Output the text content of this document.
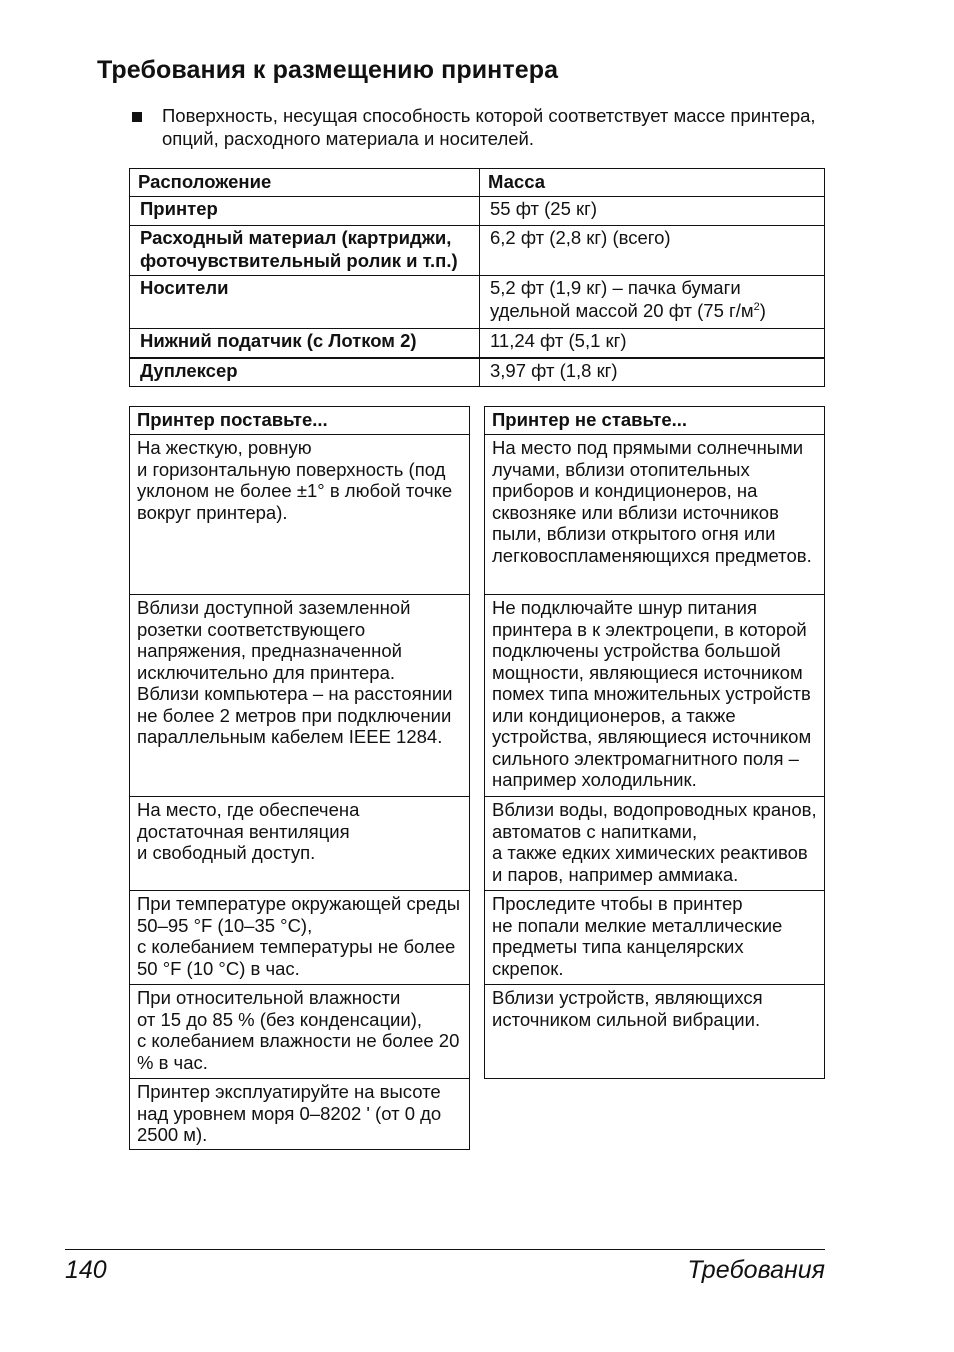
Требования к размещению принтера
Поверхность, несущая способность которой соответствует массе принтера, опций, расходного материала и носителей.
Расположение	Масса
Принтер	55 фт (25 кг)
Расходный материал (картриджи, фоточувствительный ролик и т.п.)	6,2 фт (2,8 кг) (всего)
Носители	5,2 фт (1,9 кг) – пачка бумаги удельной массой 20 фт (75 $г/м^2$)
Нижний податчик (с Лотком 2)	11,24 фт (5,1 кг)
Дуплексер	3,97 фт (1,8 кг)
Принтер поставьте...
На жесткую, ровную
и горизонтальную поверхность (под уклоном не более ±1° в любой точке вокруг принтера).
Вблизи доступной заземленной розетки соответствующего напряжения, предназначенной исключительно для принтера.
Вблизи компьютера – на расстоянии не более 2 метров при подключении параллельным кабелем IEEE 1284.
На место, где обеспечена достаточная вентиляция
и свободный доступ.
При температуре окружающей среды 50–95 °F (10–35 °C),
с колебанием температуры не более 50 °F (10 °C) в час.
При относительной влажности
от 15 до 85 % (без конденсации),
с колебанием влажности не более 20 % в час.
Принтер эксплуатируйте на высоте над уровнем моря 0–8202 ' (от 0 до 2500 м).
Принтер не ставьте...
На место под прямыми солнечными лучами, вблизи отопительных приборов и кондиционеров, на сквозняке или вблизи источников пыли, вблизи открытого огня или легковоспламеняющихся предметов.
Не подключайте шнур питания принтера в к электроцепи, в которой подключены устройства большой мощности, являющиеся источником помех типа множительных устройств или кондиционеров, а также устройства, являющиеся источником сильного электромагнитного поля – например холодильник.
Вблизи воды, водопроводных кранов, автоматов с напитками,
а также едких химических реактивов и паров, например аммиака.
Проследите чтобы в принтер
не попали мелкие металлические предметы типа канцелярских скрепок.
Вблизи устройств, являющихся источником сильной вибрации.
140	Требования
